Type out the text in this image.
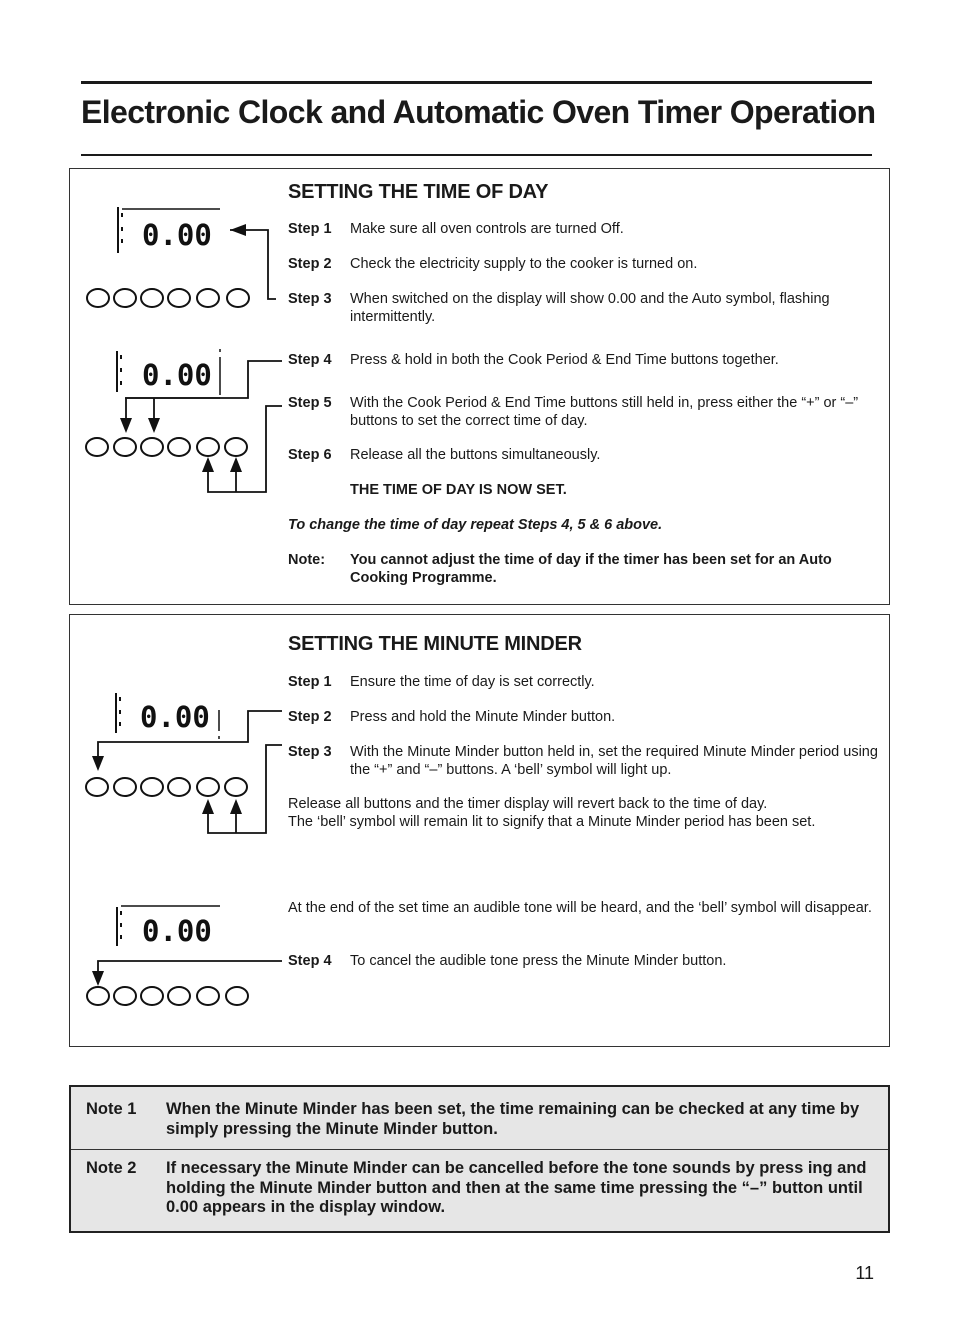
Electronic Clock and Automatic Oven Timer Operation
0.00
0.00
SETTING THE TIME OF DAY
Step 1 Make sure all oven controls are turned Off.
Step 2 Check the electricity supply to the cooker is turned on.
Step 3 When switched on the display will show 0.00 and the Auto symbol, flashing intermittently.
Step 4 Press & hold in both the Cook Period & End Time buttons together.
Step 5 With the Cook Period & End Time buttons still held in, press either the “+” or “–” buttons to set the correct time of day.
Step 6 Release all the buttons simultaneously.
THE TIME OF DAY IS NOW SET.
To change the time of day repeat Steps 4, 5 & 6 above.
Note: You cannot adjust the time of day if the timer has been set for an Auto Cooking Programme.
0.00
0.00
SETTING THE MINUTE MINDER
Step 1 Ensure the time of day is set correctly.
Step 2 Press and hold the Minute Minder button.
Step 3 With the Minute Minder button held in, set the required Minute Minder period using the “+” and “–” buttons. A ‘bell’ symbol will light up.
Release all buttons and the timer display will revert back to the time of day.
The ‘bell’ symbol will remain lit to signify that a Minute Minder period has been set.
At the end of the set time an audible tone will be heard, and the ‘bell’ symbol will disappear.
Step 4 To cancel the audible tone press the Minute Minder button.
Note 1 When the Minute Minder has been set, the time remaining can be checked at any time by simply pressing the Minute Minder button.
Note 2 If necessary the Minute Minder can be cancelled before the tone sounds by press ing and holding the Minute Minder button and then at the same time pressing the “–” button until 0.00 appears in the display window.
11
